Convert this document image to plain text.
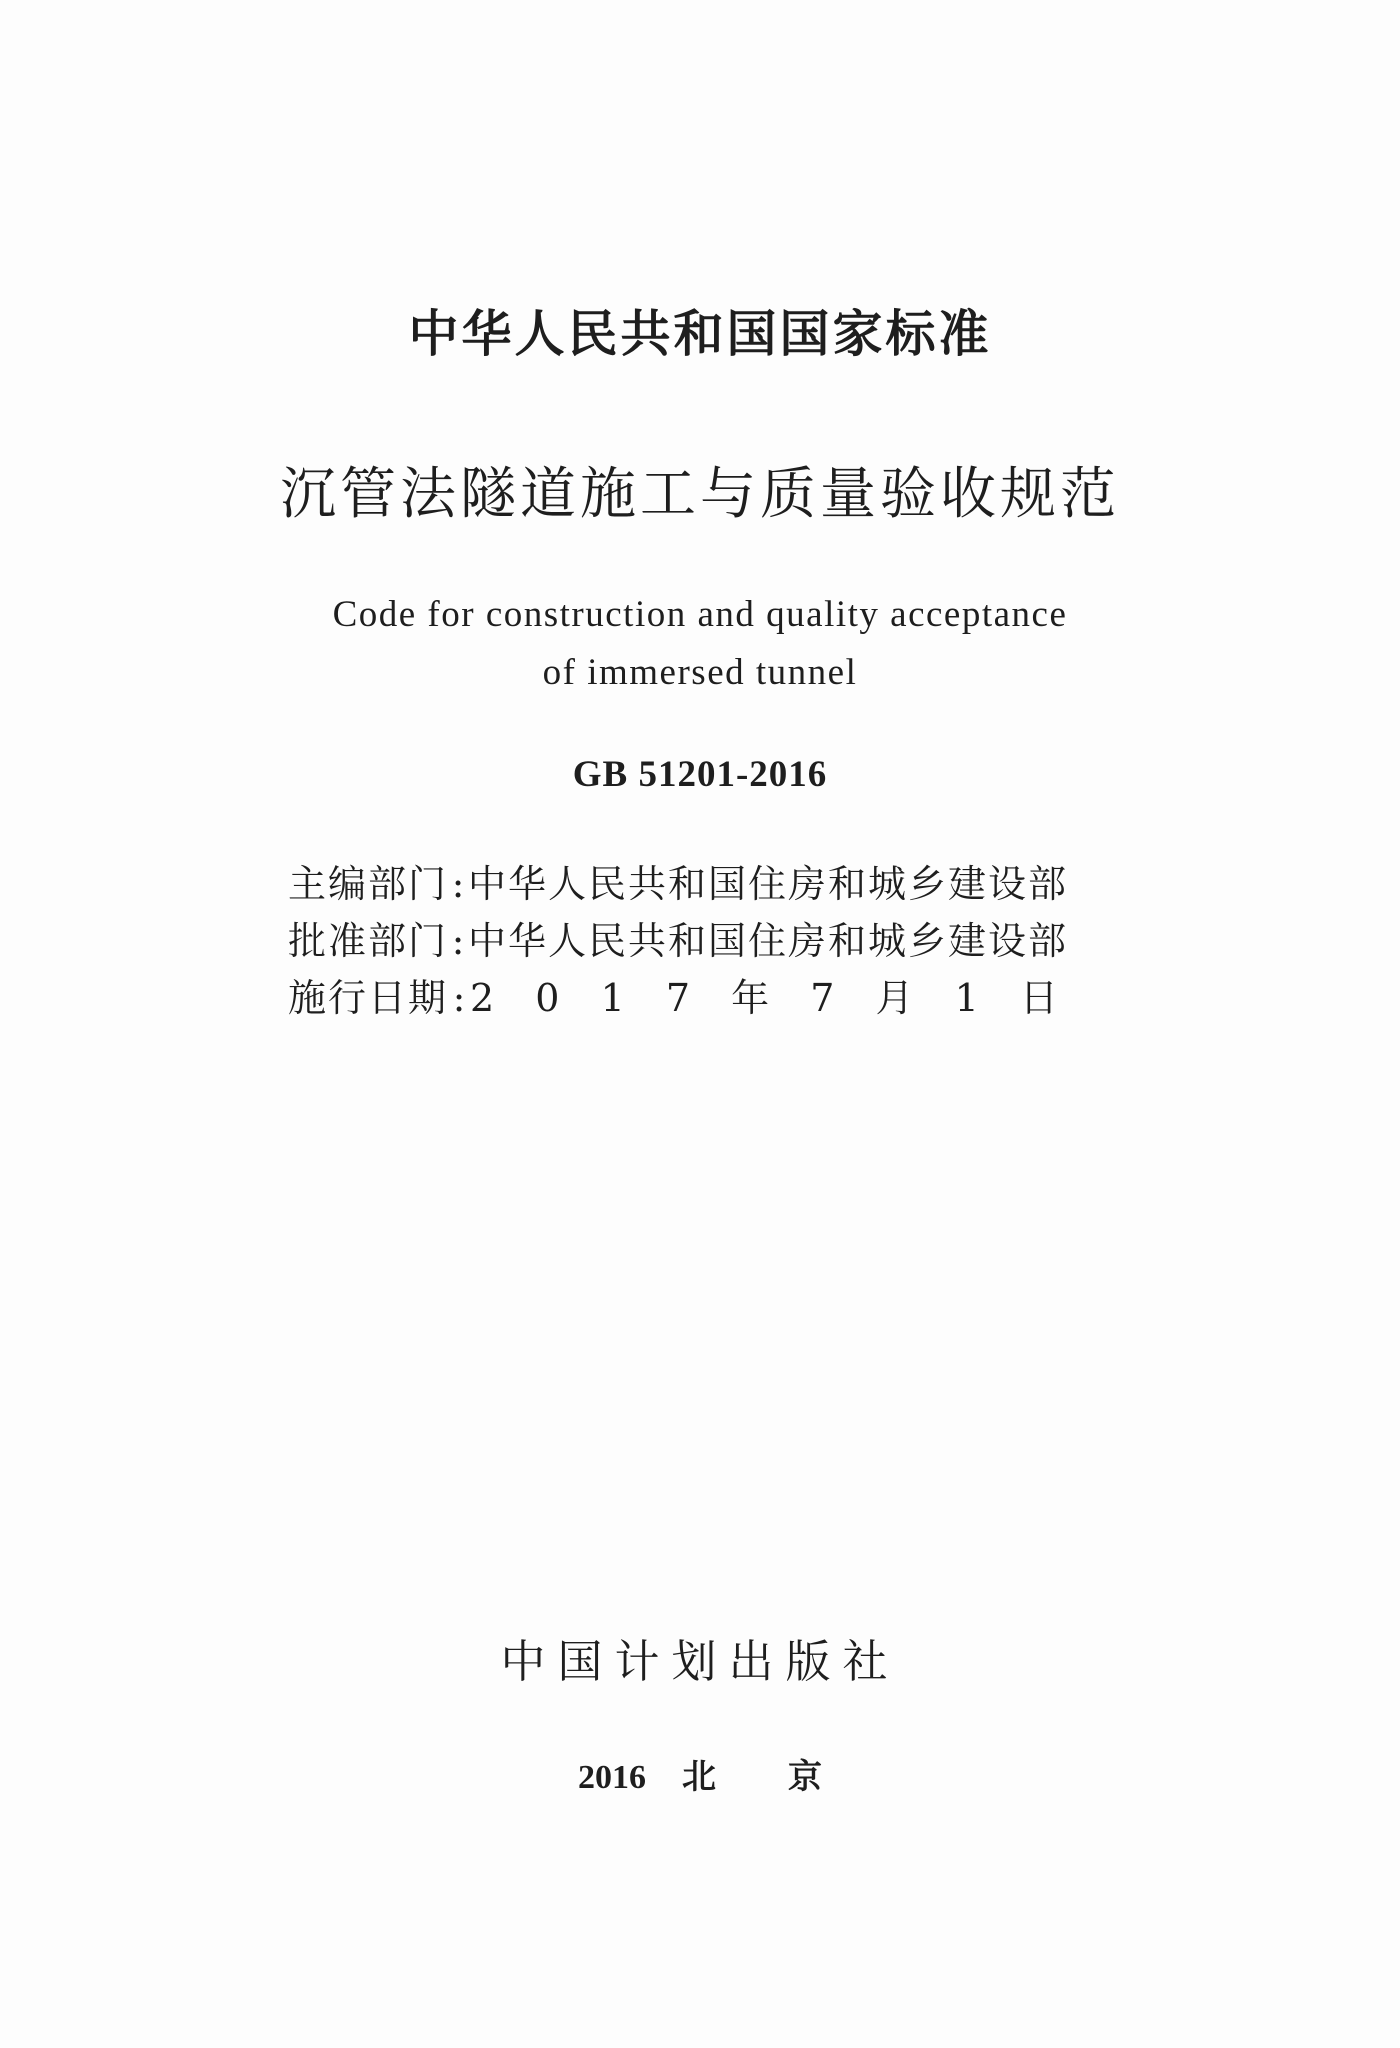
中华人民共和国国家标准
沉管法隧道施工与质量验收规范
Code for construction and quality acceptance
of immersed tunnel
GB 51201-2016
主编部门 : 中华人民共和国住房和城乡建设部
批准部门 : 中华人民共和国住房和城乡建设部
施行日期 : 2 0 1 7 年 7 月 1 日
中国计划出版社
2016 北 京
